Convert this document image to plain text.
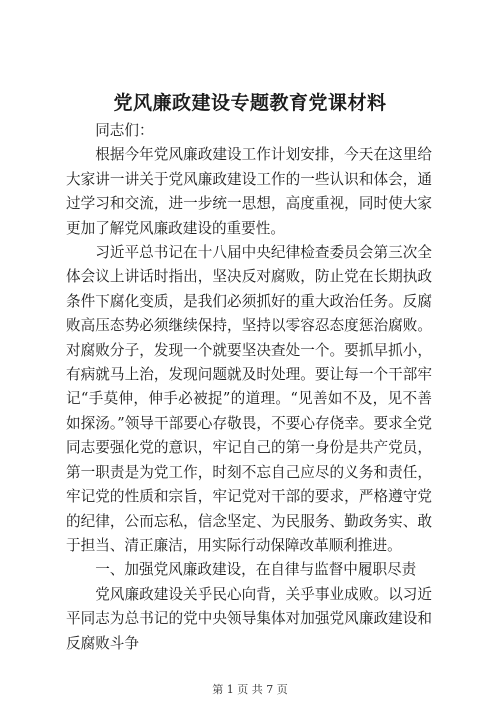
党风廉政建设专题教育党课材料

同志们：

根据今年党风廉政建设工作计划安排，今天在这里给大家讲一讲关于党风廉政建设工作的一些认识和体会，通过学习和交流，进一步统一思想，高度重视，同时使大家更加了解党风廉政建设的重要性。

习近平总书记在十八届中央纪律检查委员会第三次全体会议上讲话时指出，坚决反对腐败，防止党在长期执政条件下腐化变质，是我们必须抓好的重大政治任务。反腐败高压态势必须继续保持，坚持以零容忍态度惩治腐败。对腐败分子，发现一个就要坚决查处一个。要抓早抓小，有病就马上治，发现问题就及时处理。要让每一个干部牢记“手莫伸，伸手必被捉”的道理。“见善如不及，见不善如探汤。”领导干部要心存敬畏，不要心存侥幸。要求全党同志要强化党的意识，牢记自己的第一身份是共产党员，第一职责是为党工作，时刻不忘自己应尽的义务和责任，牢记党的性质和宗旨，牢记党对干部的要求，严格遵守党的纪律，公而忘私，信念坚定、为民服务、勤政务实、敢于担当、清正廉洁，用实际行动保障改革顺利推进。

一、加强党风廉政建设，在自律与监督中履职尽责

党风廉政建设关乎民心向背，关乎事业成败。以习近平同志为总书记的党中央领导集体对加强党风廉政建设和反腐败斗争

第 1 页 共 7 页
